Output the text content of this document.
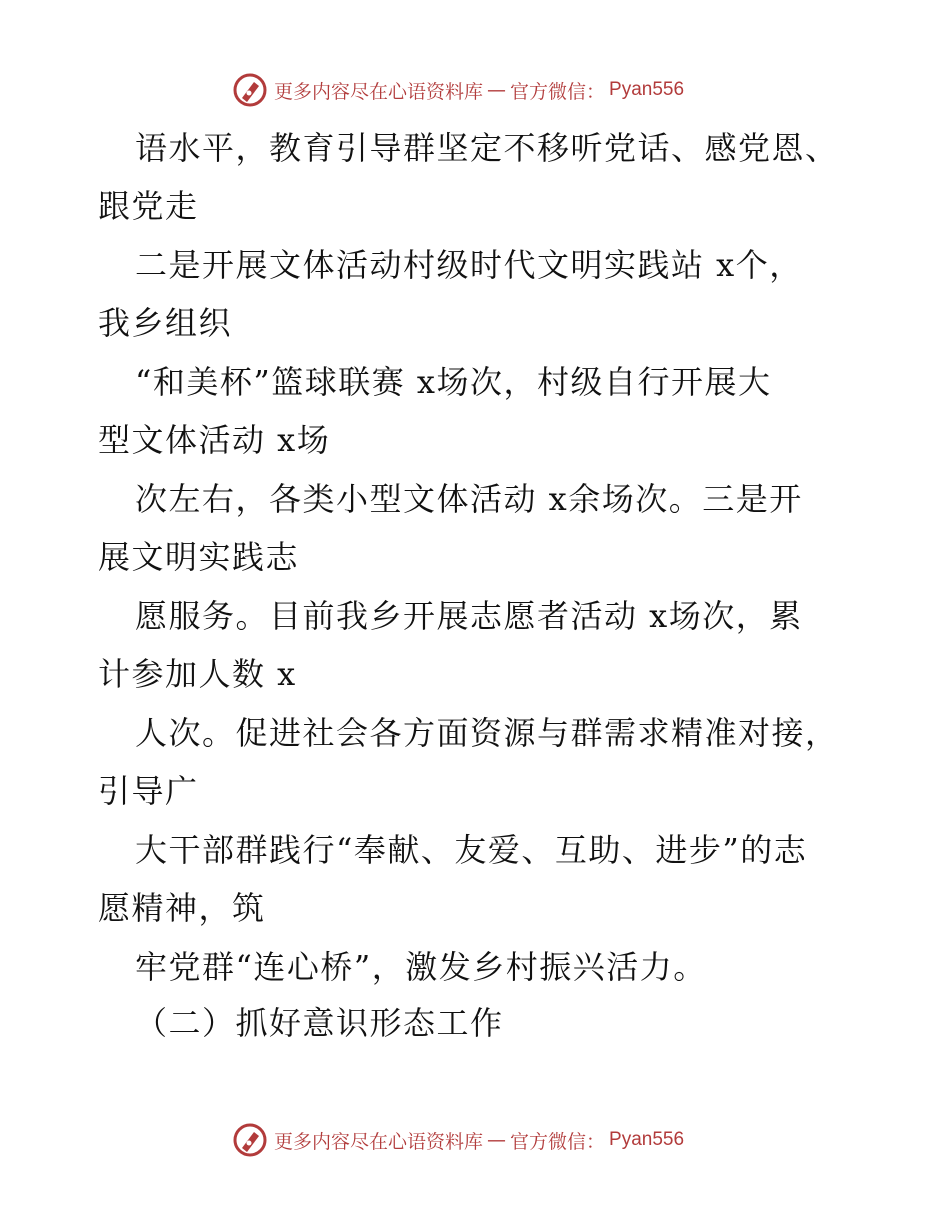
更多内容尽在心语资料库 — 官方微信： Pyan556
语水平，教育引导群坚定不移听党话、感党恩、
跟党走
二是开展文体活动村级时代文明实践站 x个，
我乡组织
“和美杯”篮球联赛 x场次，村级自行开展大
型文体活动 x场
次左右，各类小型文体活动 x余场次。三是开
展文明实践志
愿服务。目前我乡开展志愿者活动 x场次，累
计参加人数 x
人次。促进社会各方面资源与群需求精准对接，
引导广
大干部群践行“奉献、友爱、互助、进步”的志
愿精神，筑
牢党群“连心桥”，激发乡村振兴活力。
（二）抓好意识形态工作
更多内容尽在心语资料库 — 官方微信： Pyan556
